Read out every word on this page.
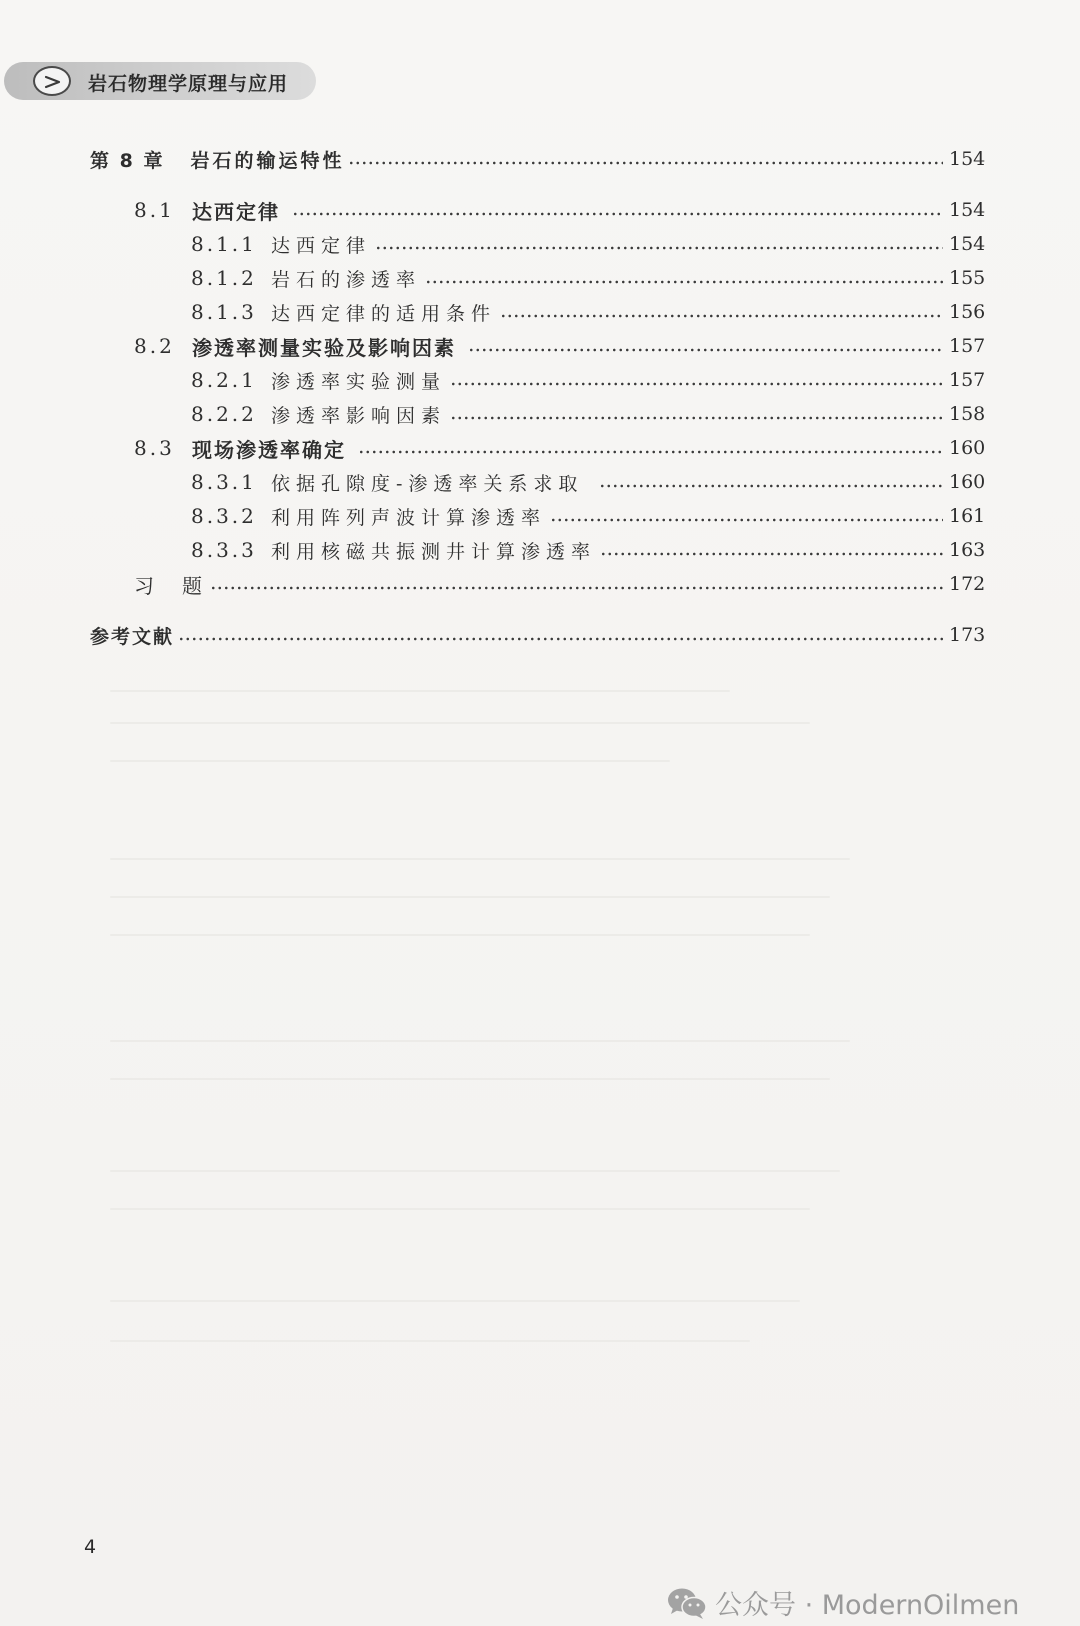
岩石物理学原理与应用
第 8 章 岩石的输运特性	154
8.1 达西定律	154
8.1.1 达西定律	154
8.1.2 岩石的渗透率	155
8.1.3 达西定律的适用条件	156
8.2 渗透率测量实验及影响因素	157
8.2.1 渗透率实验测量	157
8.2.2 渗透率影响因素	158
8.3 现场渗透率确定	160
8.3.1 依据孔隙度-渗透率关系求取	160
8.3.2 利用阵列声波计算渗透率	161
8.3.3 利用核磁共振测井计算渗透率	163
习　题	172
参考文献	173
4
公众号 · ModernOilmen
